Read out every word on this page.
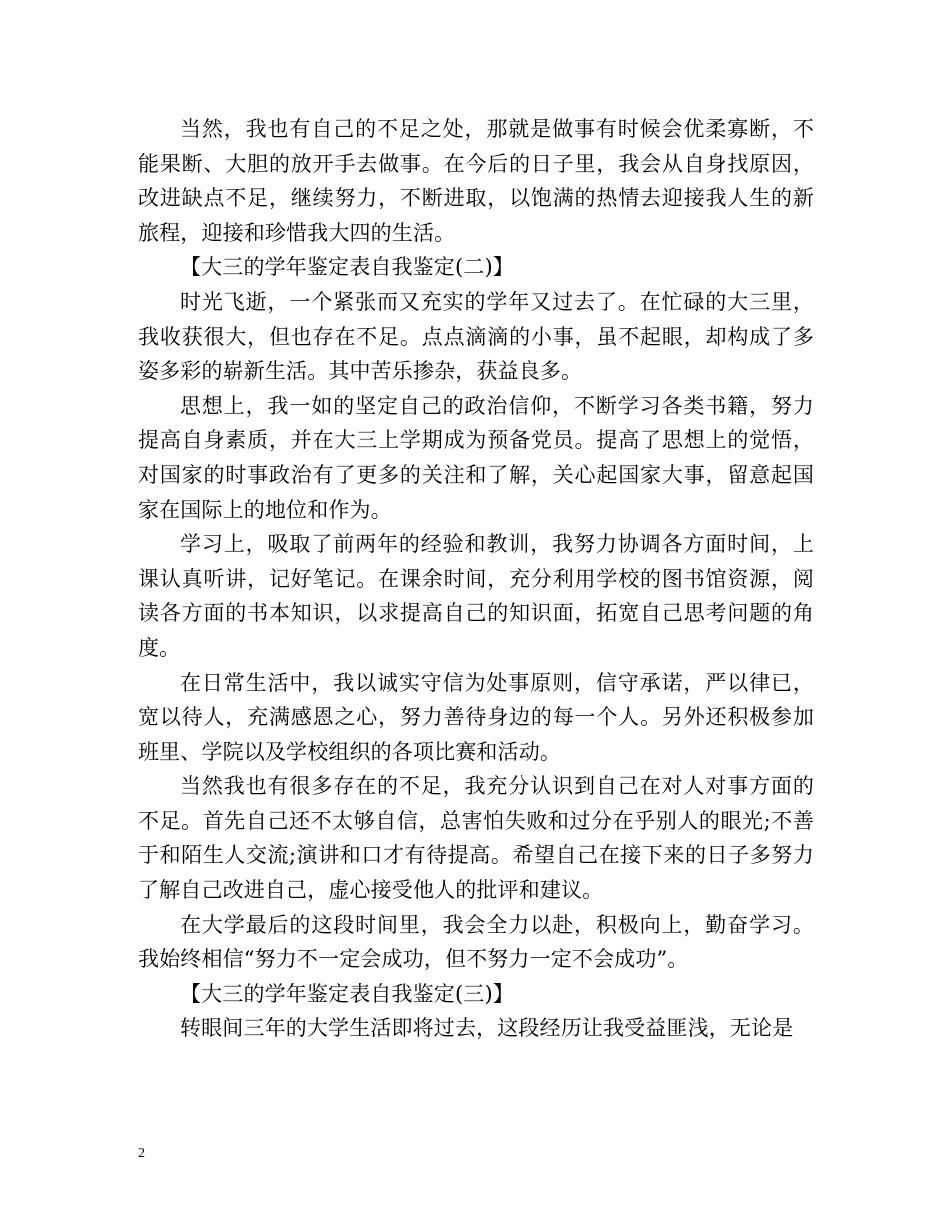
当然，我也有自己的不足之处，那就是做事有时候会优柔寡断，不能果断、大胆的放开手去做事。在今后的日子里，我会从自身找原因，改进缺点不足，继续努力，不断进取，以饱满的热情去迎接我人生的新旅程，迎接和珍惜我大四的生活。

【大三的学年鉴定表自我鉴定(二)】

时光飞逝，一个紧张而又充实的学年又过去了。在忙碌的大三里，我收获很大，但也存在不足。点点滴滴的小事，虽不起眼，却构成了多姿多彩的崭新生活。其中苦乐掺杂，获益良多。

思想上，我一如的坚定自己的政治信仰，不断学习各类书籍，努力提高自身素质，并在大三上学期成为预备党员。提高了思想上的觉悟，对国家的时事政治有了更多的关注和了解，关心起国家大事，留意起国家在国际上的地位和作为。

学习上，吸取了前两年的经验和教训，我努力协调各方面时间，上课认真听讲，记好笔记。在课余时间，充分利用学校的图书馆资源，阅读各方面的书本知识，以求提高自己的知识面，拓宽自己思考问题的角度。

在日常生活中，我以诚实守信为处事原则，信守承诺，严以律已，宽以待人，充满感恩之心，努力善待身边的每一个人。另外还积极参加班里、学院以及学校组织的各项比赛和活动。

当然我也有很多存在的不足，我充分认识到自己在对人对事方面的不足。首先自己还不太够自信，总害怕失败和过分在乎别人的眼光;不善于和陌生人交流;演讲和口才有待提高。希望自己在接下来的日子多努力了解自己改进自己，虚心接受他人的批评和建议。

在大学最后的这段时间里，我会全力以赴，积极向上，勤奋学习。我始终相信“努力不一定会成功，但不努力一定不会成功”。

【大三的学年鉴定表自我鉴定(三)】

转眼间三年的大学生活即将过去，这段经历让我受益匪浅，无论是

2
